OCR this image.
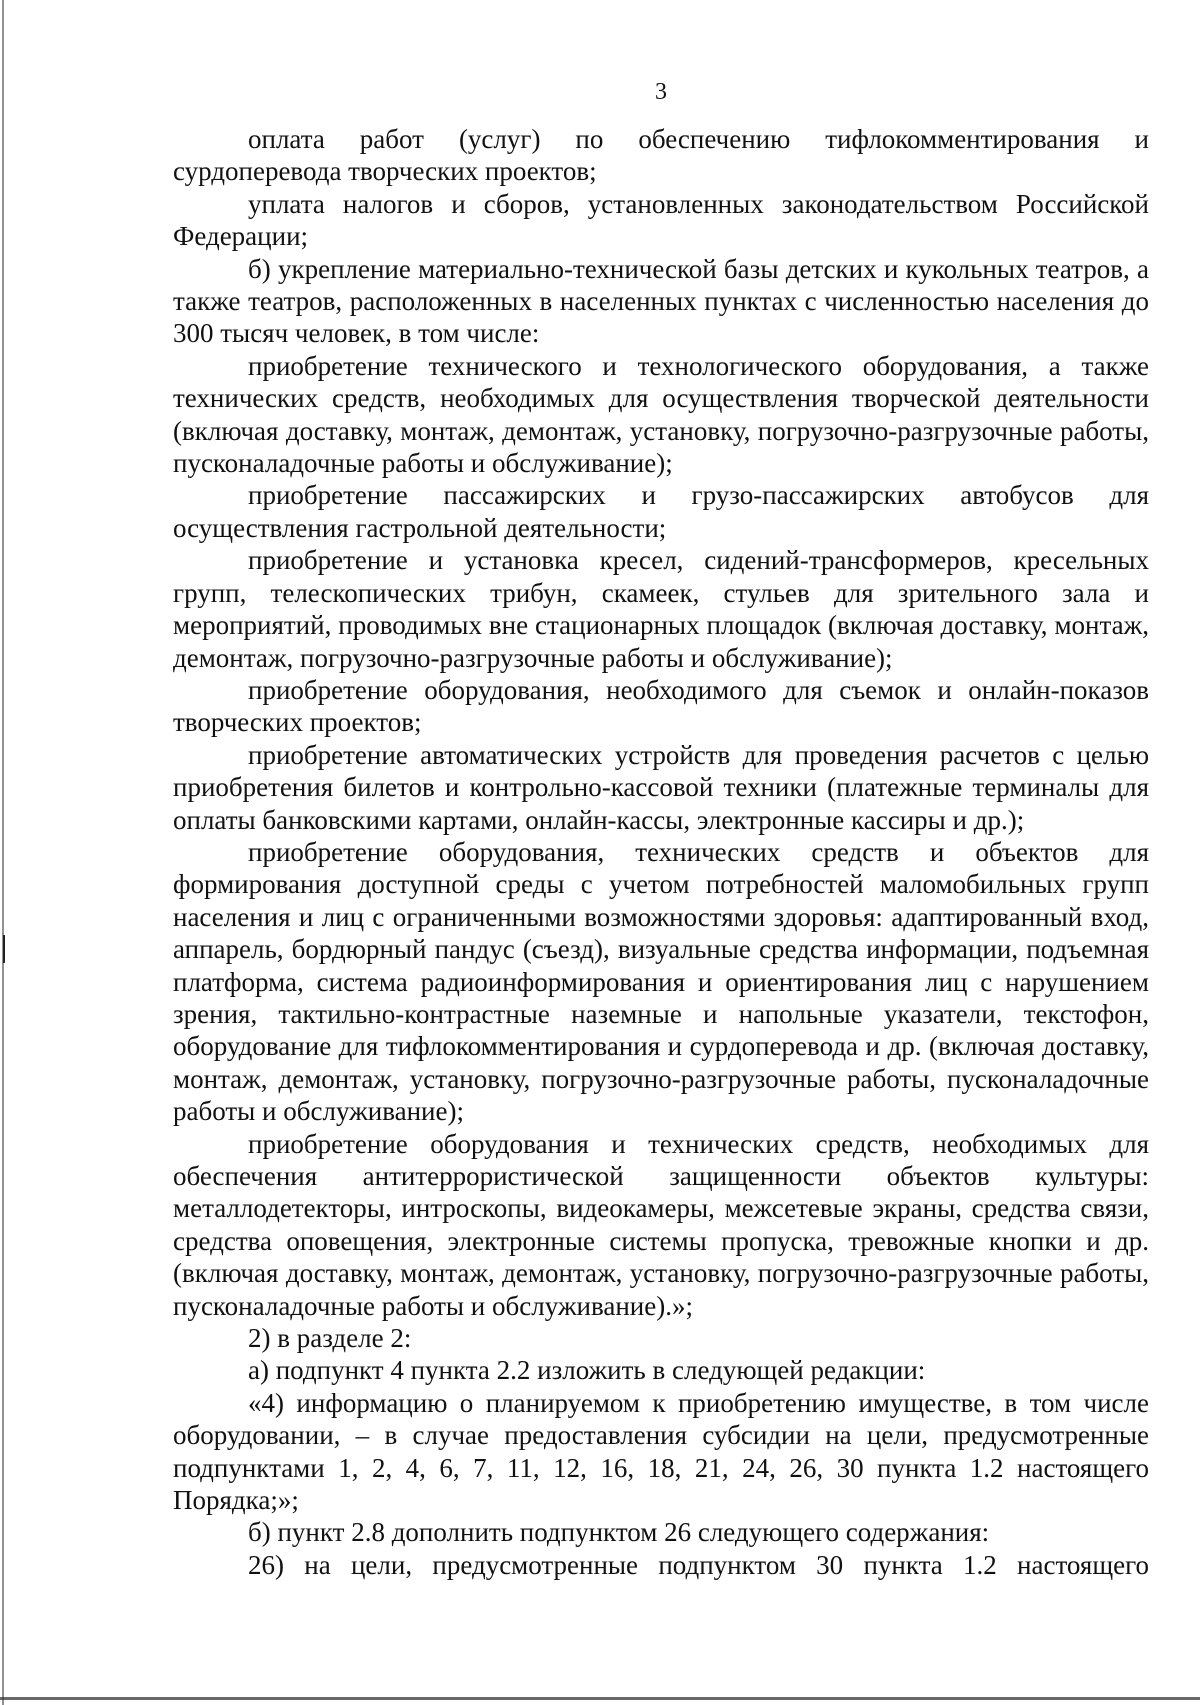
3

оплата работ (услуг) по обеспечению тифлокомментирования и сурдоперевода творческих проектов;

уплата налогов и сборов, установленных законодательством Российской Федерации;

б) укрепление материально-технической базы детских и кукольных театров, а также театров, расположенных в населенных пунктах с численностью населения до 300 тысяч человек, в том числе:

приобретение технического и технологического оборудования, а также технических средств, необходимых для осуществления творческой деятельности (включая доставку, монтаж, демонтаж, установку, погрузочно-разгрузочные работы, пусконаладочные работы и обслуживание);

приобретение пассажирских и грузо-пассажирских автобусов для осуществления гастрольной деятельности;

приобретение и установка кресел, сидений-трансформеров, кресельных групп, телескопических трибун, скамеек, стульев для зрительного зала и мероприятий, проводимых вне стационарных площадок (включая доставку, монтаж, демонтаж, погрузочно-разгрузочные работы и обслуживание);

приобретение оборудования, необходимого для съемок и онлайн-показов творческих проектов;

приобретение автоматических устройств для проведения расчетов с целью приобретения билетов и контрольно-кассовой техники (платежные терминалы для оплаты банковскими картами, онлайн-кассы, электронные кассиры и др.);

приобретение оборудования, технических средств и объектов для формирования доступной среды с учетом потребностей маломобильных групп населения и лиц с ограниченными возможностями здоровья: адаптированный вход, аппарель, бордюрный пандус (съезд), визуальные средства информации, подъемная платформа, система радиоинформирования и ориентирования лиц с нарушением зрения, тактильно-контрастные наземные и напольные указатели, текстофон, оборудование для тифлокомментирования и сурдоперевода и др. (включая доставку, монтаж, демонтаж, установку, погрузочно-разгрузочные работы, пусконаладочные работы и обслуживание);

приобретение оборудования и технических средств, необходимых для обеспечения антитеррористической защищенности объектов культуры: металлодетекторы, интроскопы, видеокамеры, межсетевые экраны, средства связи, средства оповещения, электронные системы пропуска, тревожные кнопки и др. (включая доставку, монтаж, демонтаж, установку, погрузочно-разгрузочные работы, пусконаладочные работы и обслуживание).»;

2) в разделе 2:

а) подпункт 4 пункта 2.2 изложить в следующей редакции:

«4) информацию о планируемом к приобретению имуществе, в том числе оборудовании, – в случае предоставления субсидии на цели, предусмотренные подпунктами 1, 2, 4, 6, 7, 11, 12, 16, 18, 21, 24, 26, 30 пункта 1.2 настоящего Порядка;»;

б) пункт 2.8 дополнить подпунктом 26 следующего содержания:

26) на цели, предусмотренные подпунктом 30 пункта 1.2 настоящего
